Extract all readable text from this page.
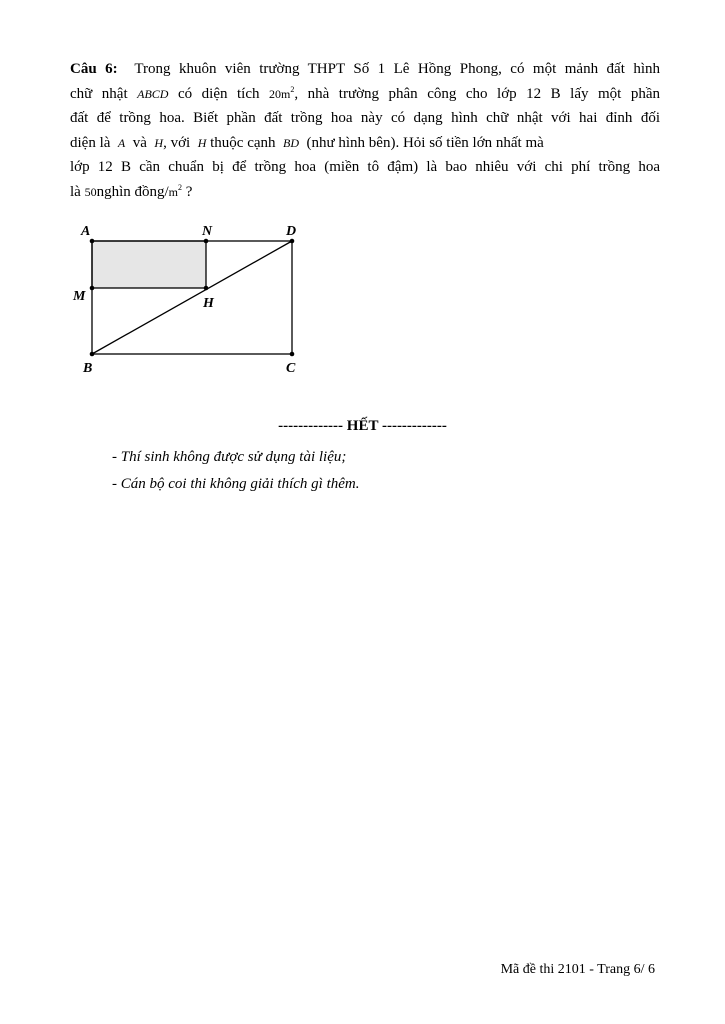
Câu 6: Trong khuôn viên trường THPT Số 1 Lê Hồng Phong, có một mảnh đất hình
chữ nhật ABCD có diện tích $20m^2$, nhà trường phân công cho lớp 12 B lấy một phần
đất để trồng hoa. Biết phần đất trồng hoa này có dạng hình chữ nhật với hai đỉnh đối
diện là A và H, với H thuộc cạnh BD (như hình bên). Hỏi số tiền lớn nhất mà
lớp 12 B cần chuẩn bị để trồng hoa (miền tô đậm) là bao nhiêu với chi phí trồng hoa
là 50nghìn đồng/$m^2$ ?
A	N	D
M	H
B	C
------------- HẾT -------------
- Thí sinh không được sử dụng tài liệu;
- Cán bộ coi thi không giải thích gì thêm.
Mã đề thi 2101 - Trang 6/ 6
